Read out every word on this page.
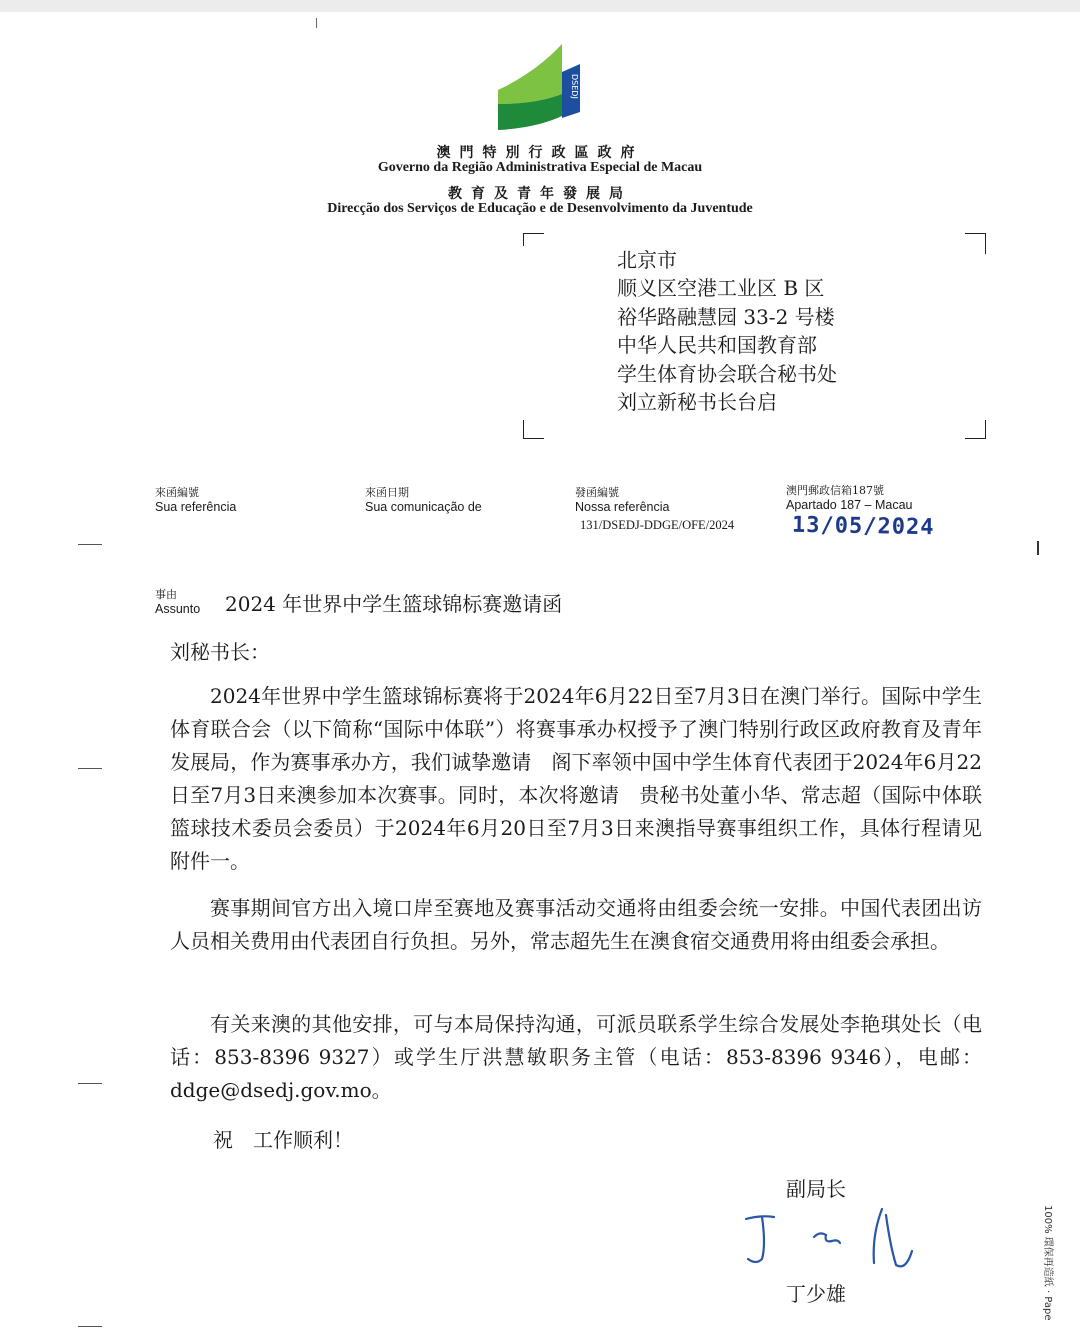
DSEDJ
澳門特別行政區政府
Governo da Região Administrativa Especial de Macau
教育及青年發展局
Direcção dos Serviços de Educação e de Desenvolvimento da Juventude
北京市
顺义区空港工业区 B 区
裕华路融慧园 33-2 号楼
中华人民共和国教育部
学生体育协会联合秘书处
刘立新秘书长台启
來函編號
Sua referência
來函日期
Sua comunicação de
發函編號
Nossa referência
131/DSEDJ-DDGE/OFE/2024
澳門郵政信箱187號
Apartado 187 – Macau
13/05/2024
事由
Assunto 2024 年世界中学生篮球锦标赛邀请函
刘秘书长：
2024年世界中学生篮球锦标赛将于2024年6月22日至7月3日在澳门举行。国际中学生体育联合会（以下简称“国际中体联”）将赛事承办权授予了澳门特别行政区政府教育及青年发展局，作为赛事承办方，我们诚挚邀请　阁下率领中国中学生体育代表团于2024年6月22日至7月3日来澳参加本次赛事。同时，本次将邀请　贵秘书处董小华、常志超（国际中体联篮球技术委员会委员）于2024年6月20日至7月3日来澳指导赛事组织工作，具体行程请见附件一。
赛事期间官方出入境口岸至赛地及赛事活动交通将由组委会统一安排。中国代表团出访人员相关费用由代表团自行负担。另外，常志超先生在澳食宿交通费用将由组委会承担。
有关来澳的其他安排，可与本局保持沟通，可派员联系学生综合发展处李艳琪处长（电话：853-8396 9327）或学生厅洪慧敏职务主管（电话：853-8396 9346），电邮：ddge@dsedj.gov.mo。
祝　工作顺利！
副局长
丁少雄	100% 環保再造紙 · Pape
